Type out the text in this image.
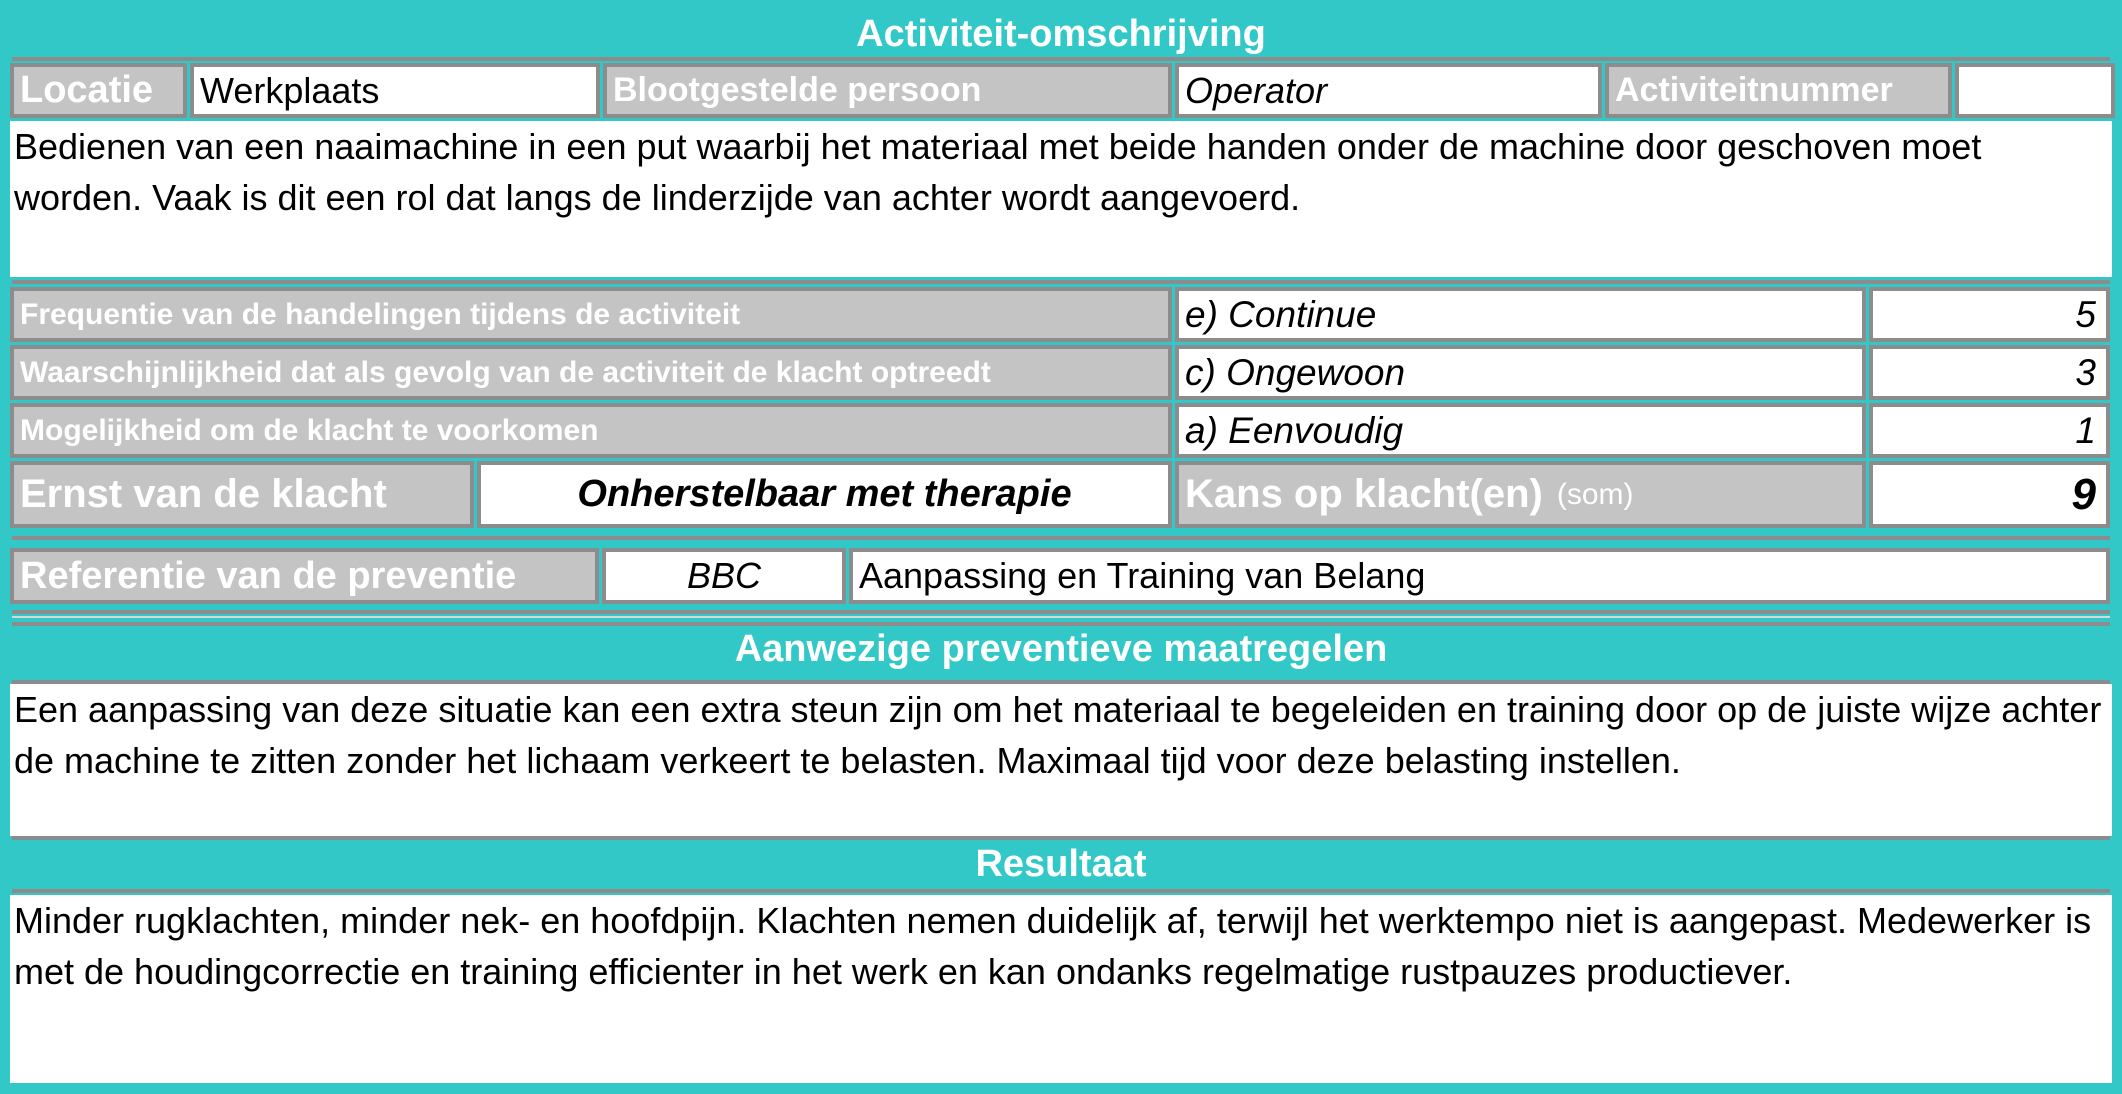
Activiteit-omschrijving
Locatie	Werkplaats	Blootgestelde persoon	Operator	Activiteitnummer
Bedienen van een naaimachine in een put waarbij het materiaal met beide handen onder de machine door geschoven moet worden. Vaak is dit een rol dat langs de linderzijde van achter wordt aangevoerd.
Frequentie van de handelingen tijdens de activiteit	e) Continue	5
Waarschijnlijkheid dat als gevolg van de activiteit de klacht optreedt	c) Ongewoon	3
Mogelijkheid om de klacht te voorkomen	a) Eenvoudig	1
Ernst van de klacht	Onherstelbaar met therapie	Kans op klacht(en) (som)	9
Referentie van de preventie	BBC	Aanpassing en Training van Belang
Aanwezige preventieve maatregelen
Een aanpassing van deze situatie kan een extra steun zijn om het materiaal te begeleiden en training door op de juiste wijze achter de machine te zitten zonder het lichaam verkeert te belasten. Maximaal tijd voor deze belasting instellen.
Resultaat
Minder rugklachten, minder nek- en hoofdpijn. Klachten nemen duidelijk af, terwijl het werktempo niet is aangepast. Medewerker is met de houdingcorrectie en training efficienter in het werk en kan ondanks regelmatige rustpauzes productiever.
